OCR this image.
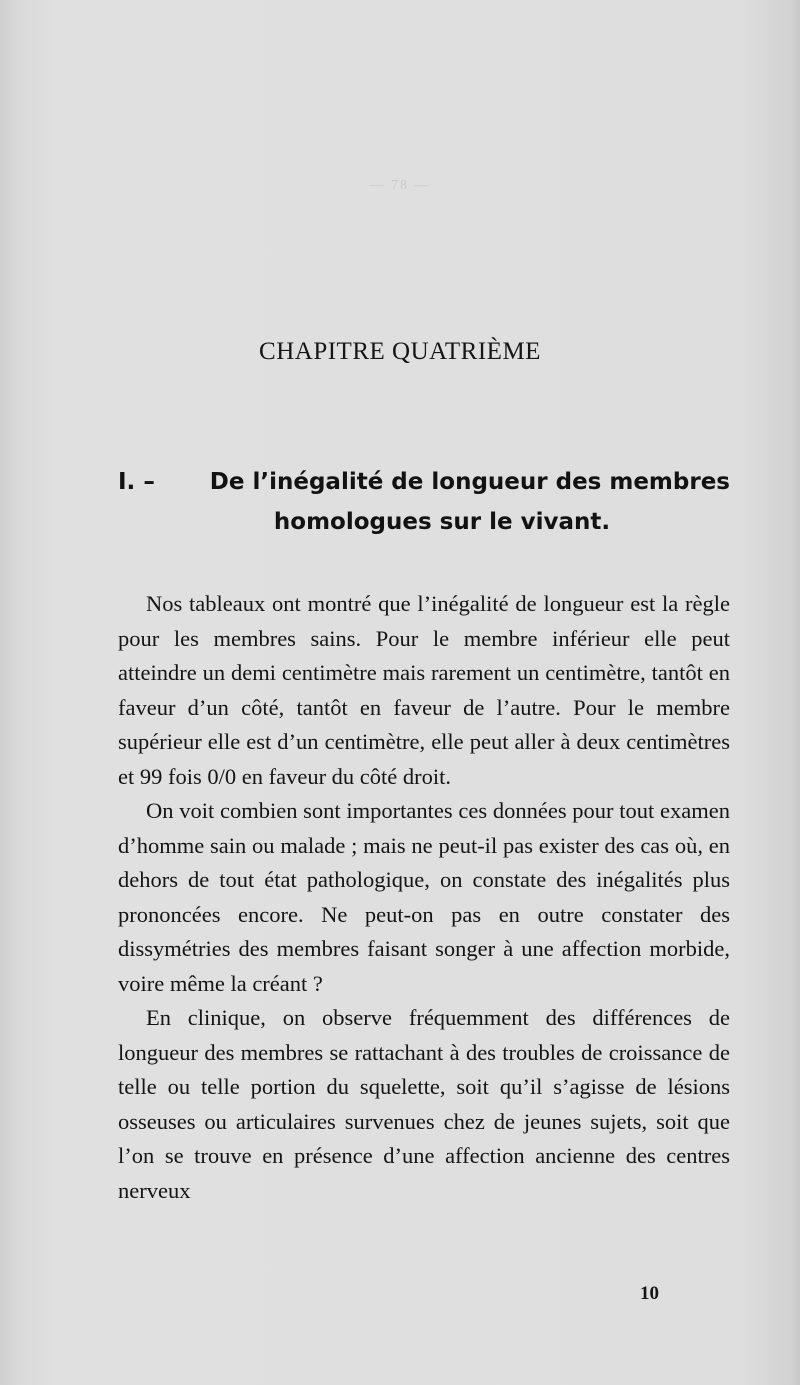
— 78 —
CHAPITRE QUATRIÈME
I. – De l’inégalité de longueur des membres
homologues sur le vivant.

Nos tableaux ont montré que l’inégalité de longueur est la règle pour les membres sains. Pour le membre inférieur elle peut atteindre un demi centimètre mais rarement un centimètre, tantôt en faveur d’un côté, tantôt en faveur de l’autre. Pour le membre supérieur elle est d’un centimètre, elle peut aller à deux centimètres et 99 fois 0/0 en faveur du côté droit.

On voit combien sont importantes ces données pour tout examen d’homme sain ou malade ; mais ne peut-il pas exister des cas où, en dehors de tout état pathologique, on constate des inégalités plus prononcées encore. Ne peut-on pas en outre constater des dissymétries des membres faisant songer à une affection morbide, voire même la créant ?

En clinique, on observe fréquemment des différences de longueur des membres se rattachant à des troubles de croissance de telle ou telle portion du squelette, soit qu’il s’agisse de lésions osseuses ou articulaires survenues chez de jeunes sujets, soit que l’on se trouve en présence d’une affection ancienne des centres nerveux

10
